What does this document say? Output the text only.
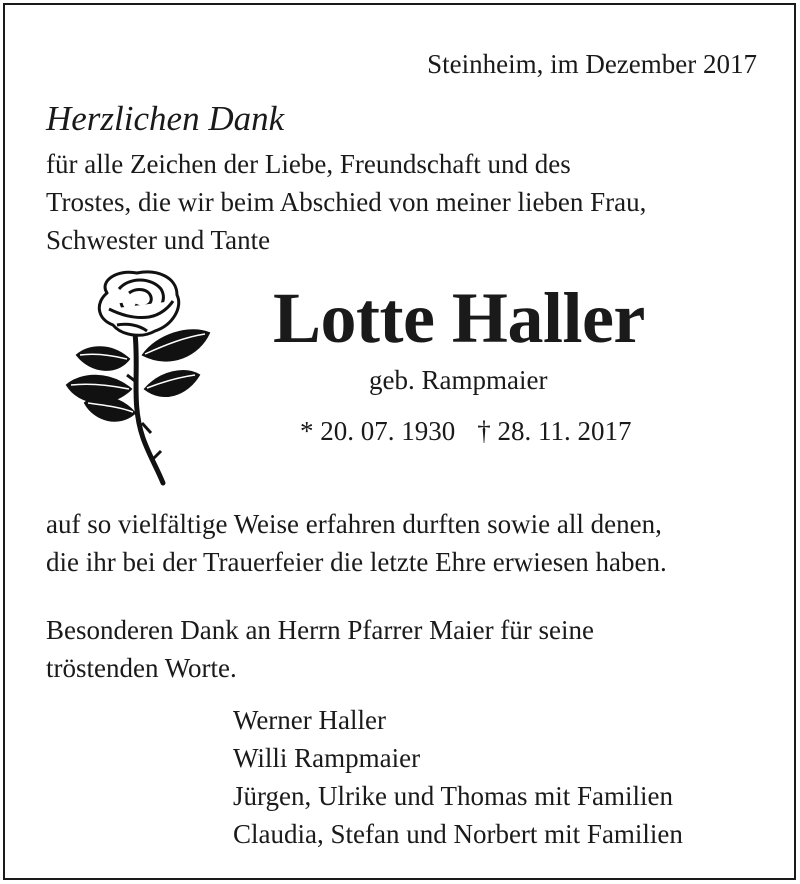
Steinheim, im Dezember 2017
Herzlichen Dank
für alle Zeichen der Liebe, Freundschaft und des
Trostes, die wir beim Abschied von meiner lieben Frau,
Schwester und Tante
Lotte Haller
geb. Rampmaier
* 20. 07. 1930 † 28. 11. 2017
auf so vielfältige Weise erfahren durften sowie all denen,
die ihr bei der Trauerfeier die letzte Ehre erwiesen haben.
Besonderen Dank an Herrn Pfarrer Maier für seine
tröstenden Worte.
Werner Haller
Willi Rampmaier
Jürgen, Ulrike und Thomas mit Familien
Claudia, Stefan und Norbert mit Familien
